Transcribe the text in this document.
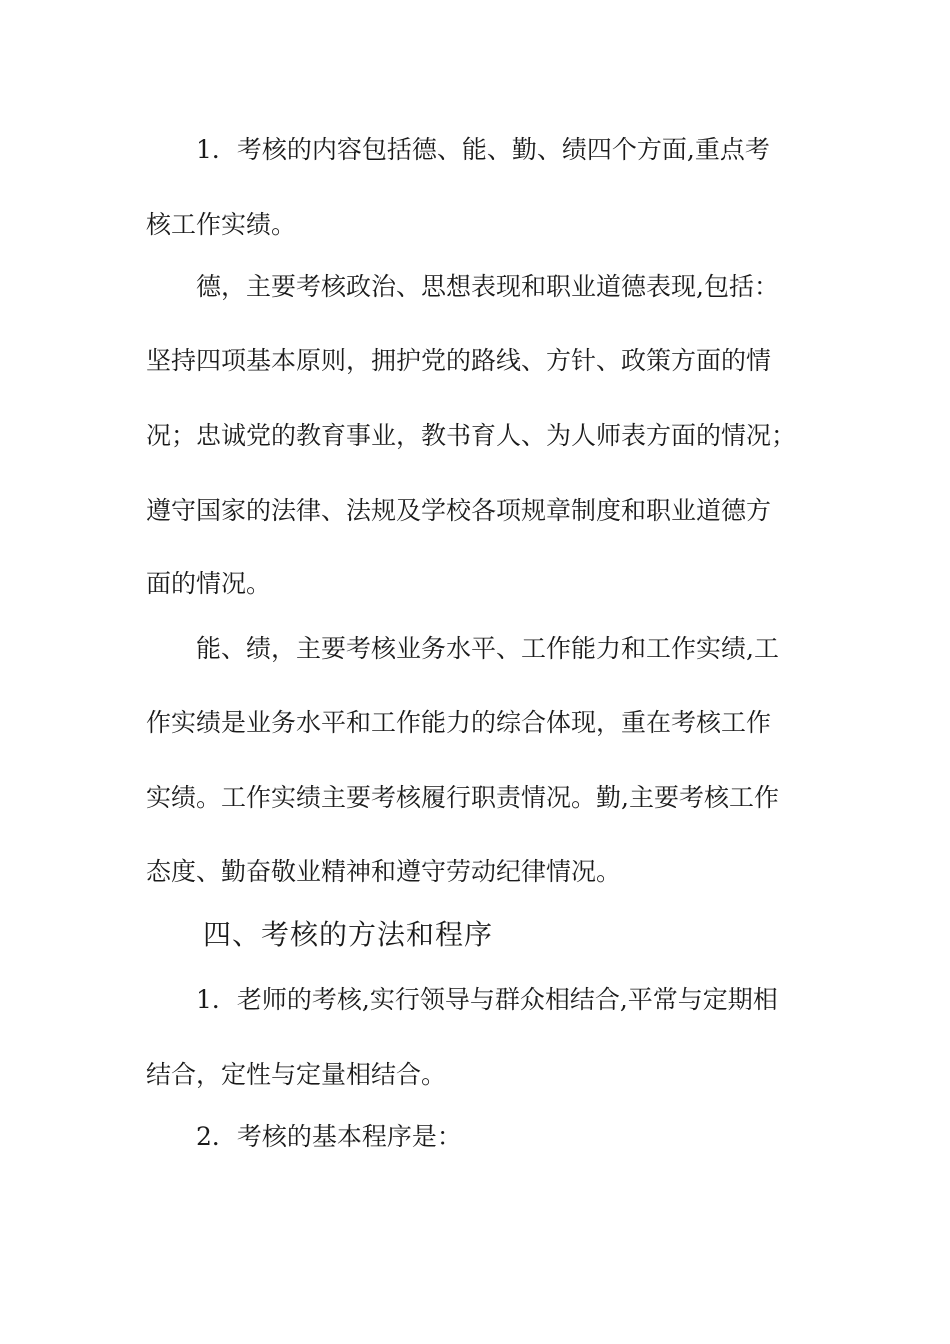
1．考核的内容包括德、能、勤、绩四个方面,重点考
核工作实绩。
德，主要考核政治、思想表现和职业道德表现,包括：
坚持四项基本原则，拥护党的路线、方针、政策方面的情
况；忠诚党的教育事业，教书育人、为人师表方面的情况；
遵守国家的法律、法规及学校各项规章制度和职业道德方
面的情况。
能、绩，主要考核业务水平、工作能力和工作实绩,工
作实绩是业务水平和工作能力的综合体现，重在考核工作
实绩。工作实绩主要考核履行职责情况。勤,主要考核工作
态度、勤奋敬业精神和遵守劳动纪律情况。
四、考核的方法和程序
1．老师的考核,实行领导与群众相结合,平常与定期相
结合，定性与定量相结合。
2．考核的基本程序是：
